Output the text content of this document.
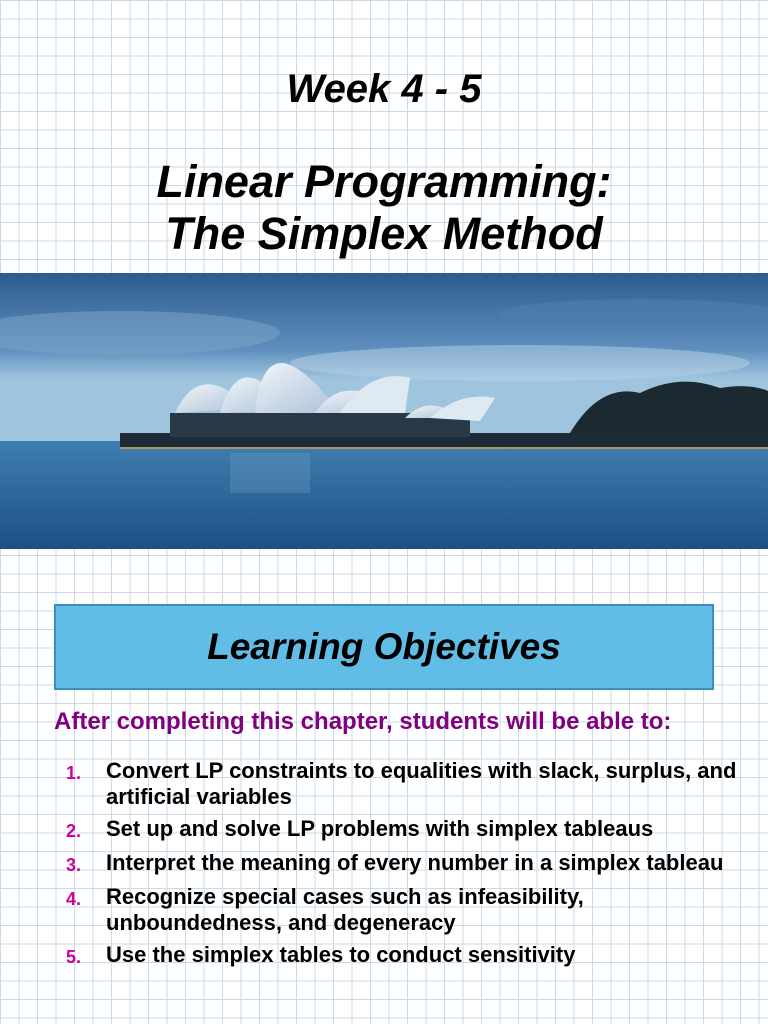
Week 4 - 5
Linear Programming:
The Simplex Method
Learning Objectives
After completing this chapter, students will be able to:
1.	Convert LP constraints to equalities with slack, surplus, and artificial variables
2.	Set up and solve LP problems with simplex tableaus
3.	Interpret the meaning of every number in a simplex tableau
4.	Recognize special cases such as infeasibility, unboundedness, and degeneracy
5.	Use the simplex tables to conduct sensitivity
